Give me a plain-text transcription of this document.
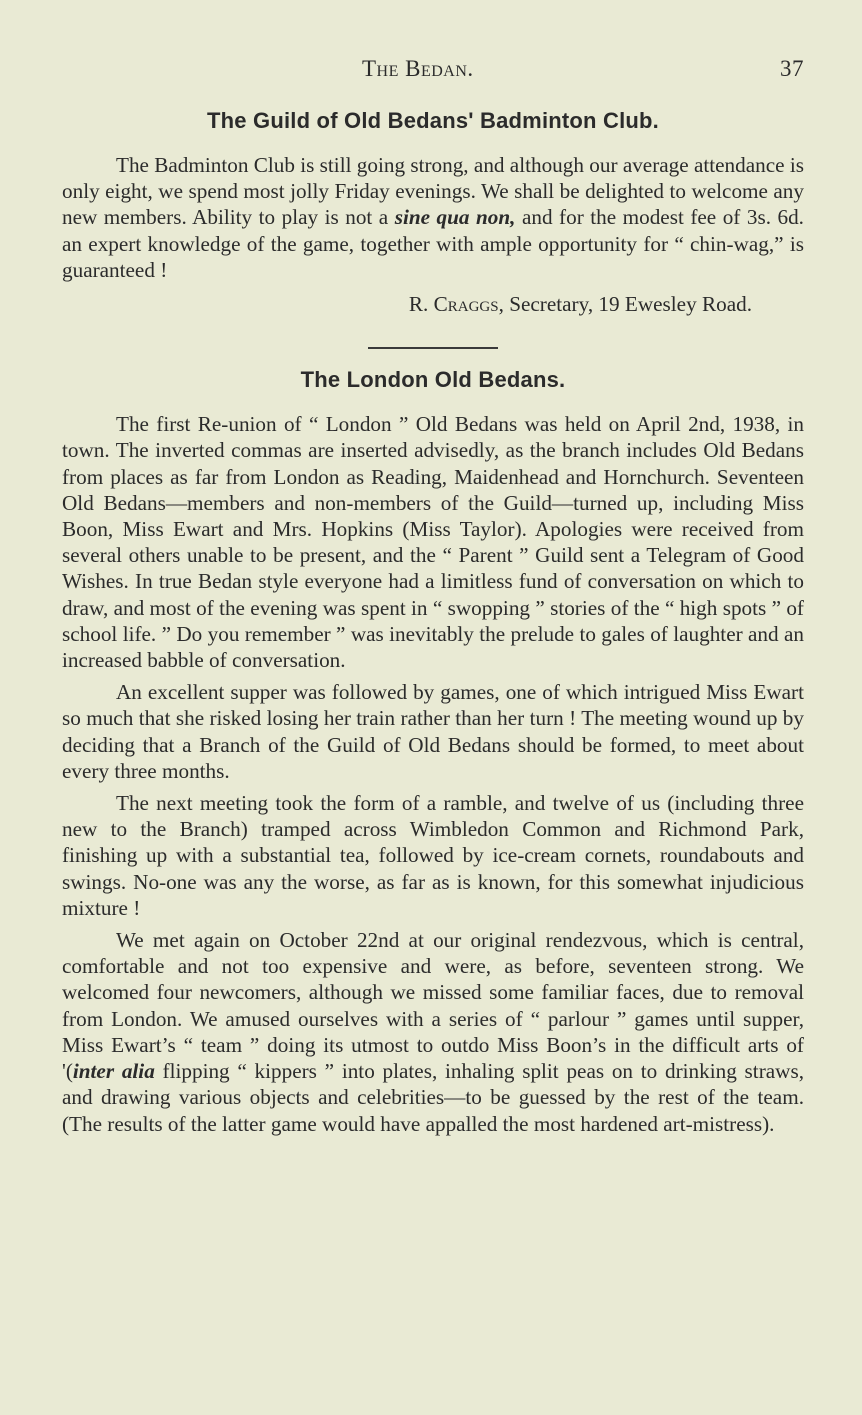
The Bedan.	37
The Guild of Old Bedans' Badminton Club.

The Badminton Club is still going strong, and although our average attendance is only eight, we spend most jolly Friday evenings. We shall be delighted to welcome any new members. Ability to play is not a sine qua non, and for the modest fee of 3s. 6d. an expert knowledge of the game, together with ample opportunity for “ chin-wag,” is guaranteed !

R. Craggs, Secretary, 19 Ewesley Road.

The London Old Bedans.

The first Re-union of “ London ” Old Bedans was held on April 2nd, 1938, in town. The inverted commas are inserted advisedly, as the branch includes Old Bedans from places as far from London as Reading, Maidenhead and Hornchurch. Seventeen Old Bedans—members and non-members of the Guild—turned up, including Miss Boon, Miss Ewart and Mrs. Hopkins (Miss Taylor). Apologies were received from several others unable to be present, and the “ Parent ” Guild sent a Telegram of Good Wishes. In true Bedan style everyone had a limitless fund of conversation on which to draw, and most of the evening was spent in “ swopping ” stories of the “ high spots ” of school life. ” Do you remember ” was inevitably the prelude to gales of laughter and an increased babble of conversation.

An excellent supper was followed by games, one of which intrigued Miss Ewart so much that she risked losing her train rather than her turn ! The meeting wound up by deciding that a Branch of the Guild of Old Bedans should be formed, to meet about every three months.

The next meeting took the form of a ramble, and twelve of us (including three new to the Branch) tramped across Wimbledon Common and Richmond Park, finishing up with a substantial tea, followed by ice-cream cornets, roundabouts and swings. No-one was any the worse, as far as is known, for this somewhat injudicious mixture !

We met again on October 22nd at our original rendezvous, which is central, comfortable and not too expensive and were, as before, seventeen strong. We welcomed four newcomers, although we missed some familiar faces, due to removal from London. We amused ourselves with a series of “ parlour ” games until supper, Miss Ewart’s “ team ” doing its utmost to outdo Miss Boon’s in the difficult arts of '(inter alia flipping “ kippers ” into plates, inhaling split peas on to drinking straws, and drawing various objects and celebrities—to be guessed by the rest of the team. (The results of the latter game would have appalled the most hardened art-mistress).
